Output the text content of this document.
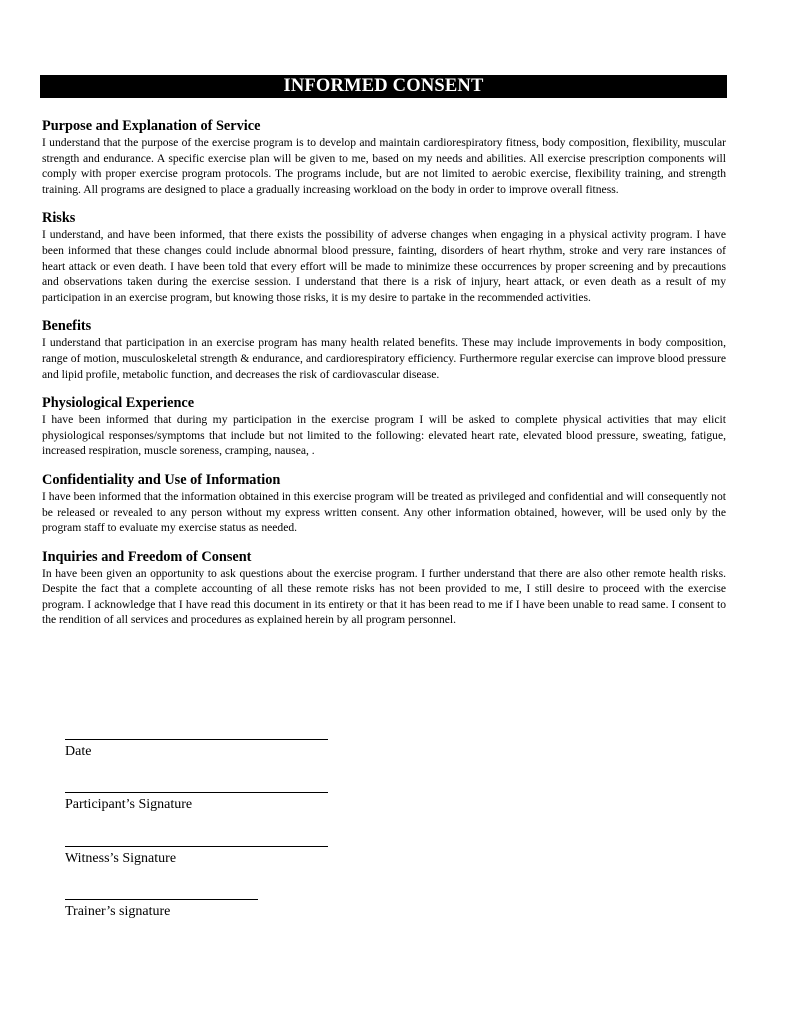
INFORMED CONSENT
Purpose and Explanation of Service

I understand that the purpose of the exercise program is to develop and maintain cardiorespiratory fitness, body composition, flexibility, muscular strength and endurance. A specific exercise plan will be given to me, based on my needs and abilities. All exercise prescription components will comply with proper exercise program protocols. The programs include, but are not limited to aerobic exercise, flexibility training, and strength training. All programs are designed to place a gradually increasing workload on the body in order to improve overall fitness.

Risks

I understand, and have been informed, that there exists the possibility of adverse changes when engaging in a physical activity program. I have been informed that these changes could include abnormal blood pressure, fainting, disorders of heart rhythm, stroke and very rare instances of heart attack or even death. I have been told that every effort will be made to minimize these occurrences by proper screening and by precautions and observations taken during the exercise session. I understand that there is a risk of injury, heart attack, or even death as a result of my participation in an exercise program, but knowing those risks, it is my desire to partake in the recommended activities.

Benefits

I understand that participation in an exercise program has many health related benefits. These may include improvements in body composition, range of motion, musculoskeletal strength & endurance, and cardiorespiratory efficiency. Furthermore regular exercise can improve blood pressure and lipid profile, metabolic function, and decreases the risk of cardiovascular disease.

Physiological Experience

I have been informed that during my participation in the exercise program I will be asked to complete physical activities that may elicit physiological responses/symptoms that include but not limited to the following: elevated heart rate, elevated blood pressure, sweating, fatigue, increased respiration, muscle soreness, cramping, nausea, .

Confidentiality and Use of Information

I have been informed that the information obtained in this exercise program will be treated as privileged and confidential and will consequently not be released or revealed to any person without my express written consent. Any other information obtained, however, will be used only by the program staff to evaluate my exercise status as needed.

Inquiries and Freedom of Consent

In have been given an opportunity to ask questions about the exercise program. I further understand that there are also other remote health risks. Despite the fact that a complete accounting of all these remote risks has not been provided to me, I still desire to proceed with the exercise program. I acknowledge that I have read this document in its entirety or that it has been read to me if I have been unable to read same. I consent to the rendition of all services and procedures as explained herein by all program personnel.

Date
Participant’s Signature
Witness’s Signature
Trainer’s signature
